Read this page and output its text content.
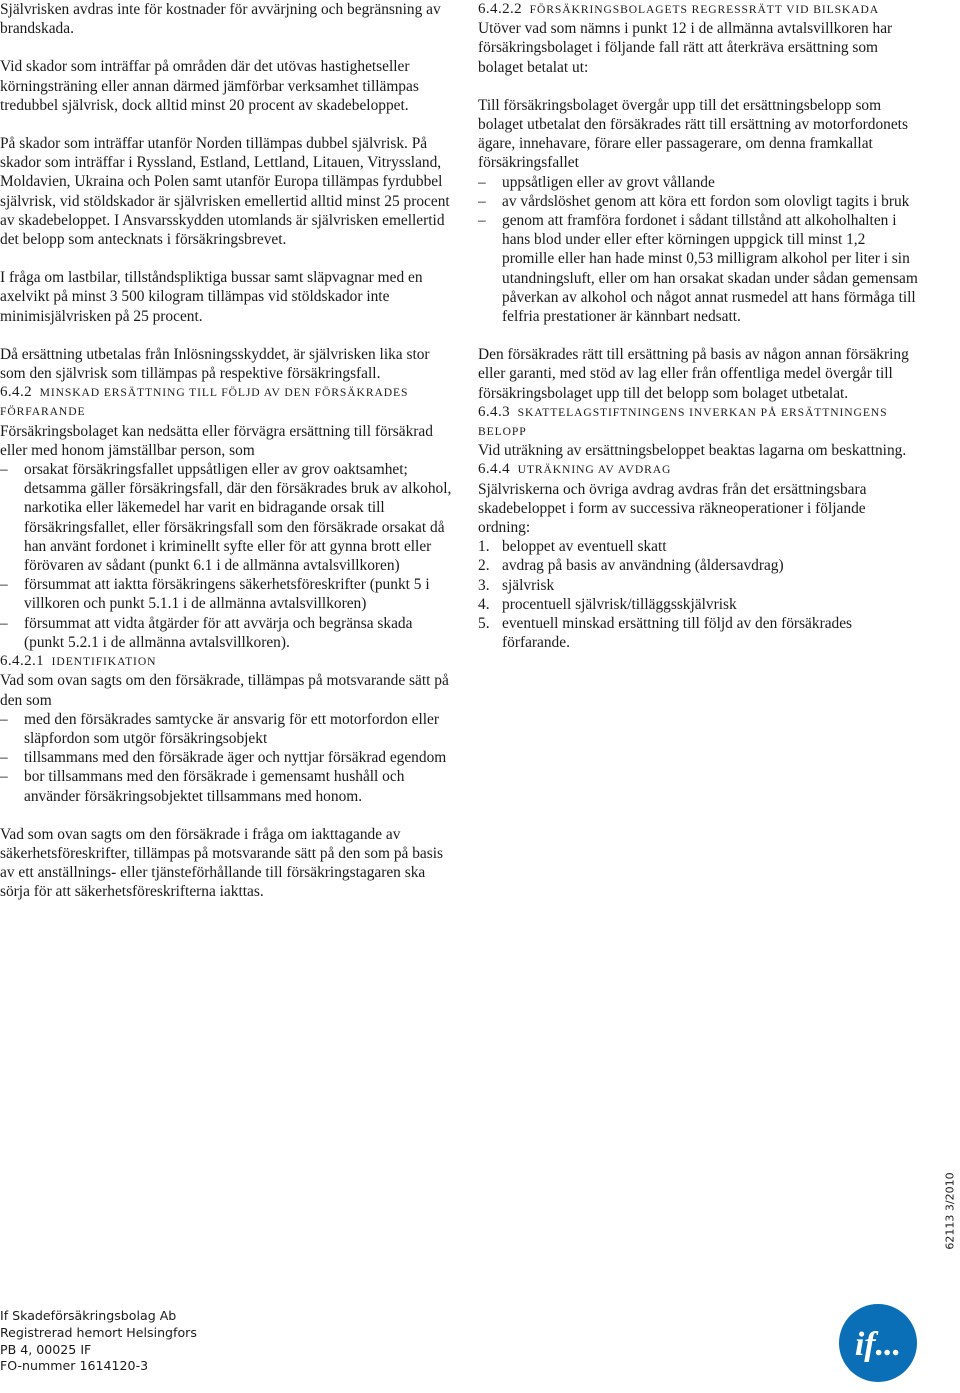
Självrisken avdras inte för kostnader för avvärjning och begränsning av brandskada.

Vid skador som inträffar på områden där det utövas hastighetseller körningsträning eller annan därmed jämförbar verksamhet tillämpas tredubbel självrisk, dock alltid minst 20 procent av skadebeloppet.

På skador som inträffar utanför Norden tillämpas dubbel självrisk. På skador som inträffar i Ryssland, Estland, Lettland, Litauen, Vitryssland, Moldavien, Ukraina och Polen samt utanför Europa tillämpas fyrdubbel självrisk, vid stöldskador är självrisken emellertid alltid minst 25 procent av skadebeloppet. I Ansvarsskydden utomlands är självrisken emellertid det belopp som antecknats i försäkringsbrevet.

I fråga om lastbilar, tillståndspliktiga bussar samt släpvagnar med en axelvikt på minst 3 500 kilogram tillämpas vid stöldskador inte minimisjälvrisken på 25 procent.

Då ersättning utbetalas från Inlösningsskyddet, är självrisken lika stor som den självrisk som tillämpas på respektive försäkringsfall.

6.4.2 MINSKAD ERSÄTTNING TILL FÖLJD AV DEN FÖRSÄKRADES FÖRFARANDE

Försäkringsbolaget kan nedsätta eller förvägra ersättning till försäkrad eller med honom jämställbar person, som

– orsakat försäkringsfallet uppsåtligen eller av grov oaktsamhet; detsamma gäller försäkringsfall, där den försäkrades bruk av alkohol, narkotika eller läkemedel har varit en bidragande orsak till försäkringsfallet, eller försäkringsfall som den försäkrade orsakat då han använt fordonet i kriminellt syfte eller för att gynna brott eller förövaren av sådant (punkt 6.1 i de allmänna avtalsvillkoren)
– försummat att iaktta försäkringens säkerhetsföreskrifter (punkt 5 i villkoren och punkt 5.1.1 i de allmänna avtalsvillkoren)
– försummat att vidta åtgärder för att avvärja och begränsa skada (punkt 5.2.1 i de allmänna avtalsvillkoren).

6.4.2.1 IDENTIFIKATION

Vad som ovan sagts om den försäkrade, tillämpas på motsvarande sätt på den som

– med den försäkrades samtycke är ansvarig för ett motorfordon eller släpfordon som utgör försäkringsobjekt
– tillsammans med den försäkrade äger och nyttjar försäkrad egendom
– bor tillsammans med den försäkrade i gemensamt hushåll och använder försäkringsobjektet tillsammans med honom.

Vad som ovan sagts om den försäkrade i fråga om iakttagande av säkerhetsföreskrifter, tillämpas på motsvarande sätt på den som på basis av ett anställnings- eller tjänsteförhållande till försäkringstagaren ska sörja för att säkerhetsföreskrifterna iakttas.

6.4.2.2 FÖRSÄKRINGSBOLAGETS REGRESSRÄTT VID BILSKADA

Utöver vad som nämns i punkt 12 i de allmänna avtalsvillkoren har försäkringsbolaget i följande fall rätt att återkräva ersättning som bolaget betalat ut:

Till försäkringsbolaget övergår upp till det ersättningsbelopp som bolaget utbetalat den försäkrades rätt till ersättning av motorfordonets ägare, innehavare, förare eller passagerare, om denna framkallat försäkringsfallet

– uppsåtligen eller av grovt vållande
– av vårdslöshet genom att köra ett fordon som olovligt tagits i bruk
– genom att framföra fordonet i sådant tillstånd att alkoholhalten i hans blod under eller efter körningen uppgick till minst 1,2 promille eller han hade minst 0,53 milligram alkohol per liter i sin utandningsluft, eller om han orsakat skadan under sådan gemensam påverkan av alkohol och något annat rusmedel att hans förmåga till felfria prestationer är kännbart nedsatt.

Den försäkrades rätt till ersättning på basis av någon annan försäkring eller garanti, med stöd av lag eller från offentliga medel övergår till försäkringsbolaget upp till det belopp som bolaget utbetalat.

6.4.3 SKATTELAGSTIFTNINGENS INVERKAN PÅ ERSÄTTNINGENS BELOPP

Vid uträkning av ersättningsbeloppet beaktas lagarna om beskattning.

6.4.4 UTRÄKNING AV AVDRAG

Självriskerna och övriga avdrag avdras från det ersättningsbara skadebeloppet i form av successiva räkneoperationer i följande ordning:

1. beloppet av eventuell skatt
2. avdrag på basis av användning (åldersavdrag)
3. självrisk
4. procentuell självrisk/tilläggsskjälvrisk
5. eventuell minskad ersättning till följd av den försäkrades förfarande.
62113 3/2010
If Skadeförsäkringsbolag Ab
Registrerad hemort Helsingfors
PB 4, 00025 IF
FO-nummer 1614120-3
if...
